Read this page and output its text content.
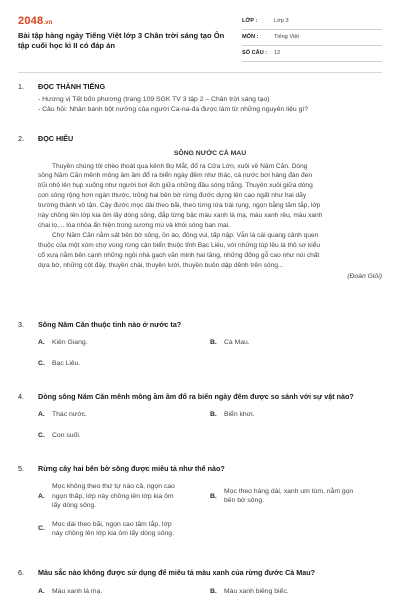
2048.vn
Bài tập hàng ngày Tiếng Việt lớp 3 Chân trời sáng tạo Ôn
tập cuối học kì II có đáp án
LỚP :	Lớp 3
MÔN :	Tiếng Việt
SỐ CÂU :	12
1.	ĐỌC THÀNH TIẾNG
- Hương vị Tết bốn phương (trang 109 SGK TV 3 tập 2 – Chân trời sáng tạo)
- Câu hỏi: Nhân bánh bột nướng của người Ca-na-đa được làm từ những nguyên liệu gì?
2.	ĐỌC HIỂU
SÔNG NƯỚC CÀ MAU
Thuyền chúng tôi chèo thoát qua kênh Bọ Mắt, đổ ra Cửa Lớn, xuôi về Năm Căn. Dòng
sông Năm Căn mênh mông ầm ầm đổ ra biển ngày đêm như thác, cá nước bơi hàng đàn đen
trũi nhô lên hụp xuống như người bơi ếch giữa những đầu sóng trắng. Thuyền xuôi giữa dòng
con sông rộng hơn ngàn thước, trông hai bên bờ rừng đước dựng lên cao ngất như hai dãy
trường thành vô tận. Cây đước mọc dài theo bãi, theo từng lứa trái rụng, ngọn bằng tăm tắp, lớp
này chồng lên lớp kia ôm lấy dòng sông, đắp từng bậc màu xanh lá mạ, màu xanh rêu, màu xanh
chai lọ,... lòa nhòa ẩn hiện trong sương mù và khói sóng ban mai.
Chợ Năm Căn nằm sát bên bờ sông, ồn ào, đông vui, tấp nập. Vẫn là cái quang cảnh quen
thuộc của một xóm chợ vùng rừng cận biển thuộc tỉnh Bạc Liêu, với những túp lều lá thô sơ kiểu
cổ xưa nằm bên cạnh những ngôi nhà gạch văn minh hai tầng, những đống gỗ cao như núi chất
dựa bờ, những cột đáy, thuyền chài, thuyền lưới, thuyền buôn dập dềnh trên sóng...
(Đoàn Giỏi)
3.	Sông Năm Căn thuộc tỉnh nào ở nước ta?
A.	Kiên Giang.	B.	Cà Mau.
C.	Bạc Liêu.
4.	Dòng sông Năm Căn mênh mông ầm ầm đổ ra biển ngày đêm được so sánh với sự vật nào?
A.	Thác nước.	B.	Biển khơi.
C.	Con suối.
5.	Rừng cây hai bên bờ sông được miêu tả như thế nào?
A.
Mọc không theo thứ tự nào cả, ngọn cao
ngọn thấp, lớp này chồng lên lớp kia ôm
lấy dòng sông.
B.
Mọc theo hàng dài, xanh um tùm, nằm gọn
bên bờ sông.
C.
Mọc dài theo bãi, ngọn cao tăm tắp, lớp
này chồng lên lớp kia ôm lấy dòng sông.
6.	Màu sắc nào không được sử dụng để miêu tả màu xanh của rừng đước Cà Mau?
A.	Màu xanh lá mạ.	B.	Màu xanh biêng biếc.
